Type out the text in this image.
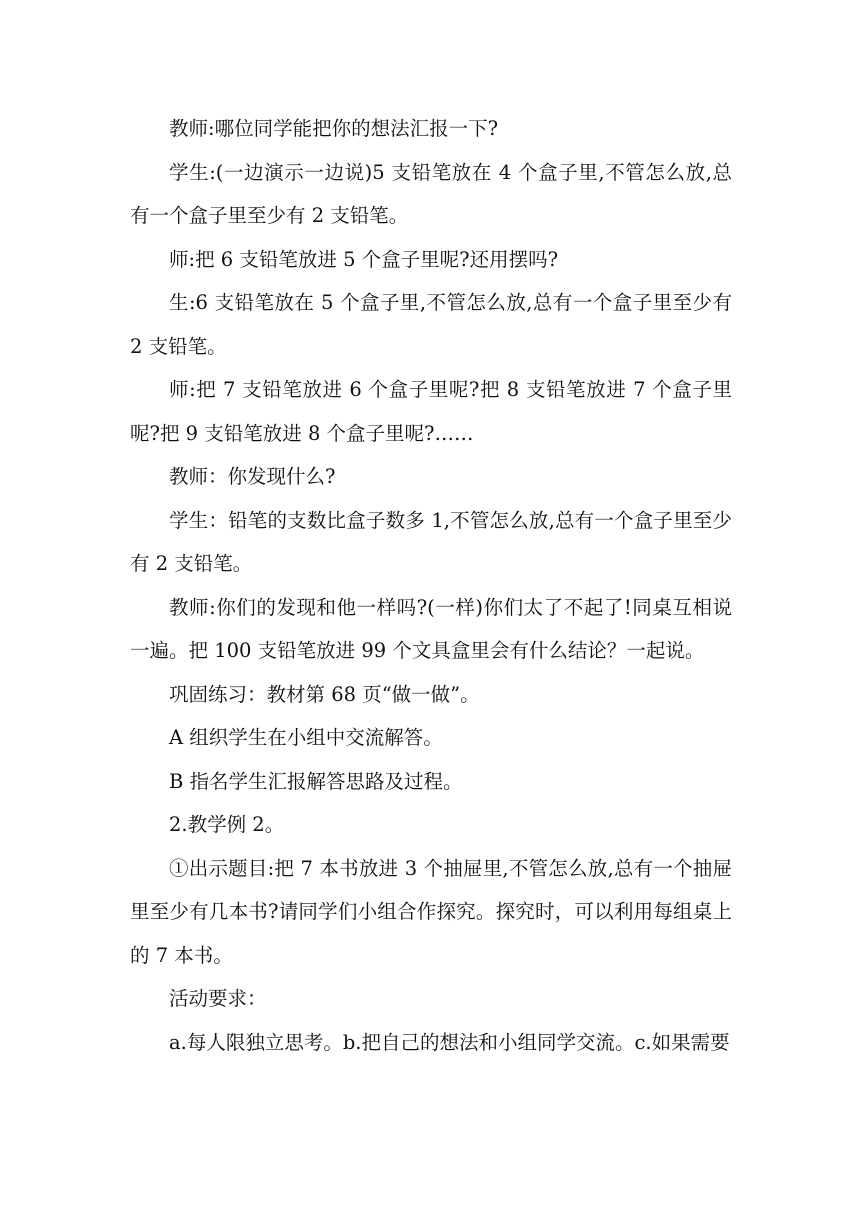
教师:哪位同学能把你的想法汇报一下?

学生:(一边演示一边说)5 支铅笔放在 4 个盒子里,不管怎么放,总有一个盒子里至少有 2 支铅笔。

师:把 6 支铅笔放进 5 个盒子里呢?还用摆吗?

生:6 支铅笔放在 5 个盒子里,不管怎么放,总有一个盒子里至少有 2 支铅笔。

师:把 7 支铅笔放进 6 个盒子里呢?把 8 支铅笔放进 7 个盒子里呢?把 9 支铅笔放进 8 个盒子里呢?……

教师：你发现什么?

学生：铅笔的支数比盒子数多 1,不管怎么放,总有一个盒子里至少有 2 支铅笔。

教师:你们的发现和他一样吗?(一样)你们太了不起了!同桌互相说一遍。把 100 支铅笔放进 99 个文具盒里会有什么结论？一起说。

巩固练习：教材第 68 页“做一做”。

A 组织学生在小组中交流解答。

B 指名学生汇报解答思路及过程。

2.教学例 2。

①出示题目:把 7 本书放进 3 个抽屉里,不管怎么放,总有一个抽屉里至少有几本书?请同学们小组合作探究。探究时，可以利用每组桌上的 7 本书。

活动要求：

a.每人限独立思考。b.把自己的想法和小组同学交流。c.如果需要
